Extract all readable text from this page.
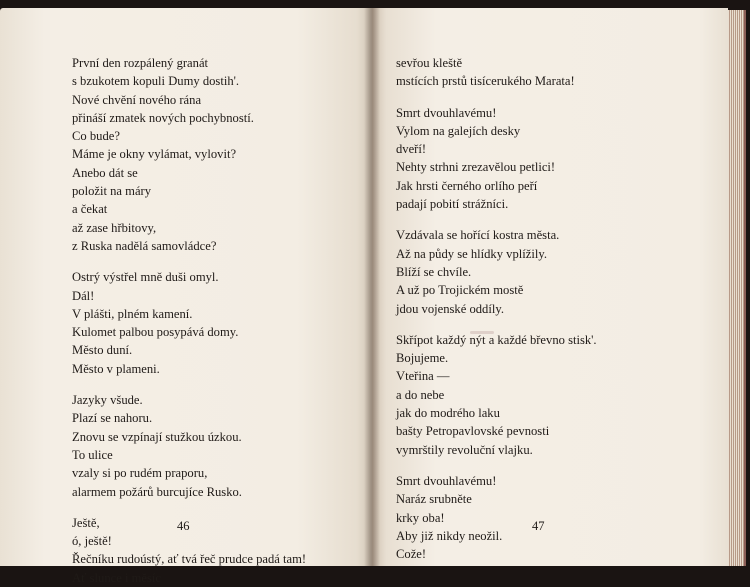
První den rozpálený granát

s bzukotem kopuli Dumy dostih'.

Nové chvění nového rána

přináší zmatek nových pochybností.

Co bude?

Máme je okny vylámat, vylovit?

Anebo dát se

položit na máry

a čekat

až zase hřbitovy,

z Ruska nadělá samovládce?

Ostrý výstřel mně duši omyl.

Dál!

V plášti, plném kamení.

Kulomet palbou posypává domy.

Město duní.

Město v plameni.

Jazyky všude.

Plazí se nahoru.

Znovu se vzpínají stužkou úzkou.

To ulice

vzaly si po rudém praporu,

alarmem požárů burcujíce Rusko.

Ještě,

ó, ještě!

Řečníku rudoústý, ať tvá řeč prudce padá tam!

Ať slunce i měsíc

46

sevřou kleště

mstících prstů tisícerukého Marata!

Smrt dvouhlavému!

Vylom na galejích desky

dveří!

Nehty strhni zrezavělou petlici!

Jak hrsti černého orlího peří

padají pobití strážníci.

Vzdávala se hořící kostra města.

Až na půdy se hlídky vplížily.

Blíží se chvíle.

A už po Trojickém mostě

jdou vojenské oddíly.

Skřípot každý nýt a každé břevno stisk'.

Bojujeme.

Vteřina —

a do nebe

jak do modrého laku

bašty Petropavlovské pevnosti

vymrštily revoluční vlajku.

Smrt dvouhlavému!

Naráz srubněte

krky oba!

Aby již nikdy neožil.

Cože!

47
